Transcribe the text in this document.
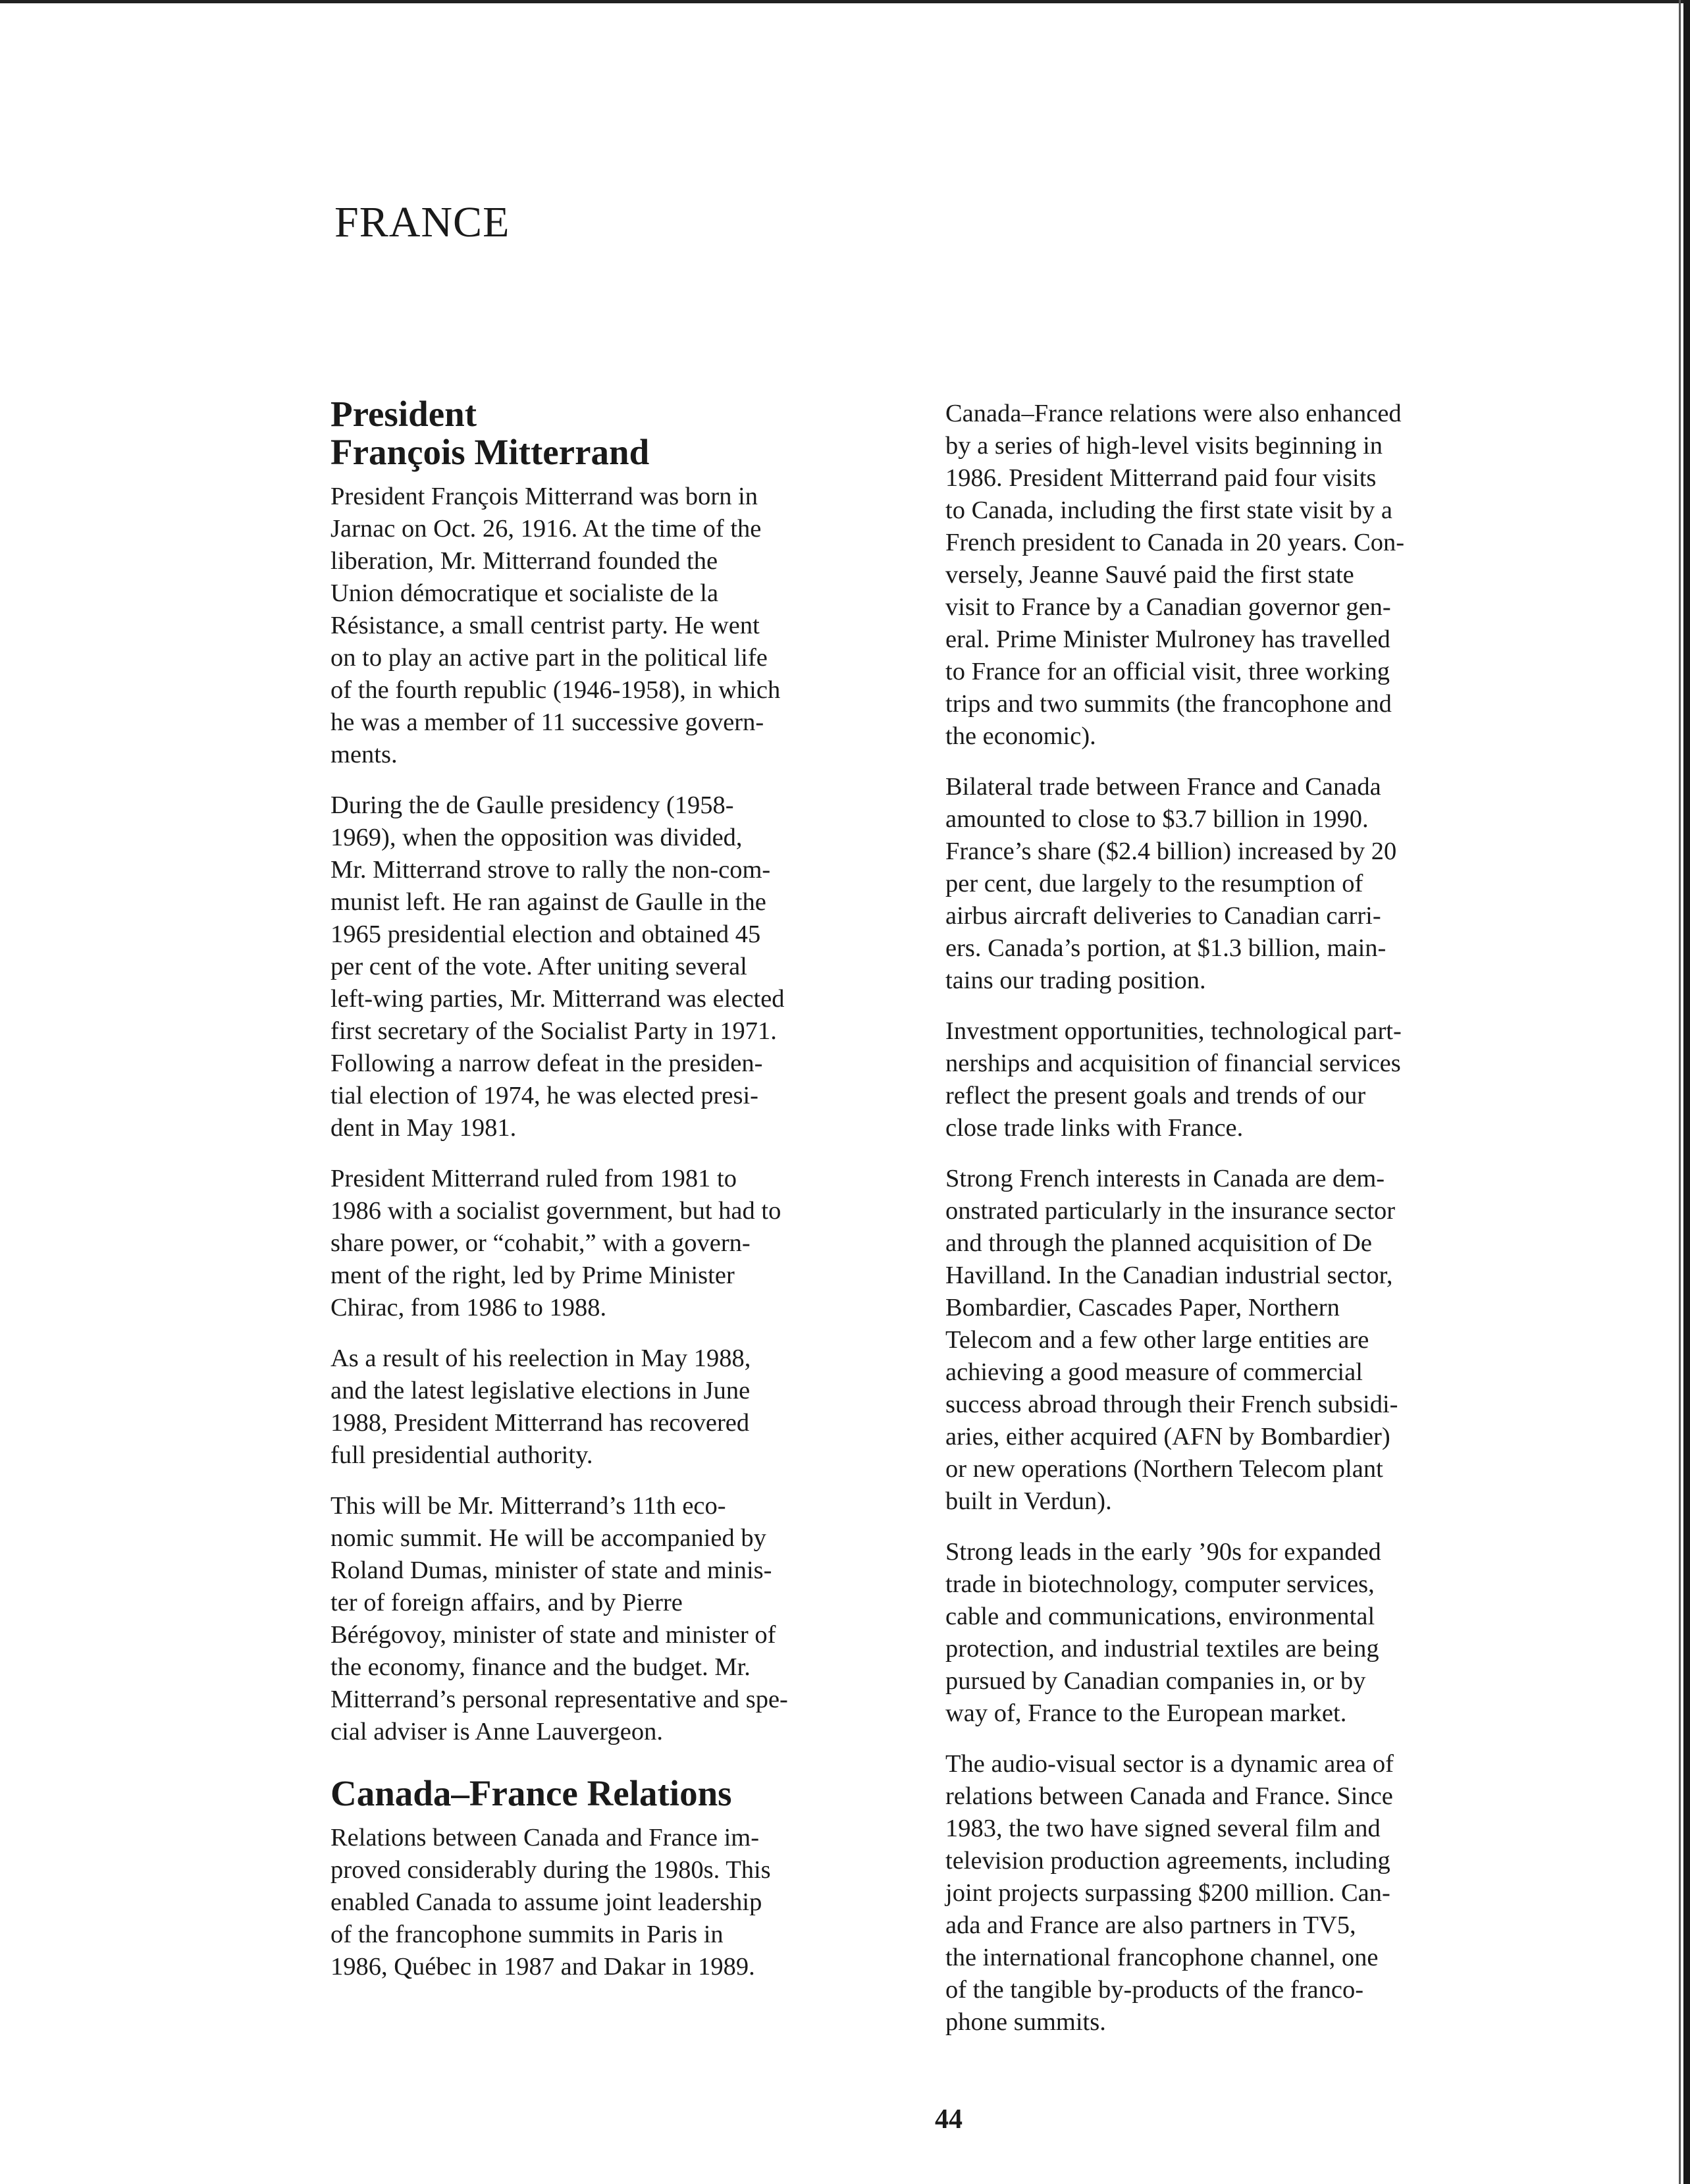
FRANCE
President
François Mitterrand

President François Mitterrand was born in
Jarnac on Oct. 26, 1916. At the time of the
liberation, Mr. Mitterrand founded the
Union démocratique et socialiste de la
Résistance, a small centrist party. He went
on to play an active part in the political life
of the fourth republic (1946-1958), in which
he was a member of 11 successive govern-
ments.

During the de Gaulle presidency (1958-
1969), when the opposition was divided,
Mr. Mitterrand strove to rally the non-com-
munist left. He ran against de Gaulle in the
1965 presidential election and obtained 45
per cent of the vote. After uniting several
left-wing parties, Mr. Mitterrand was elected
first secretary of the Socialist Party in 1971.
Following a narrow defeat in the presiden-
tial election of 1974, he was elected presi-
dent in May 1981.

President Mitterrand ruled from 1981 to
1986 with a socialist government, but had to
share power, or “cohabit,” with a govern-
ment of the right, led by Prime Minister
Chirac, from 1986 to 1988.

As a result of his reelection in May 1988,
and the latest legislative elections in June
1988, President Mitterrand has recovered
full presidential authority.

This will be Mr. Mitterrand’s 11th eco-
nomic summit. He will be accompanied by
Roland Dumas, minister of state and minis-
ter of foreign affairs, and by Pierre
Bérégovoy, minister of state and minister of
the economy, finance and the budget. Mr.
Mitterrand’s personal representative and spe-
cial adviser is Anne Lauvergeon.

Canada–France Relations

Relations between Canada and France im-
proved considerably during the 1980s. This
enabled Canada to assume joint leadership
of the francophone summits in Paris in
1986, Québec in 1987 and Dakar in 1989.

Canada–France relations were also enhanced
by a series of high-level visits beginning in
1986. President Mitterrand paid four visits
to Canada, including the first state visit by a
French president to Canada in 20 years. Con-
versely, Jeanne Sauvé paid the first state
visit to France by a Canadian governor gen-
eral. Prime Minister Mulroney has travelled
to France for an official visit, three working
trips and two summits (the francophone and
the economic).

Bilateral trade between France and Canada
amounted to close to $3.7 billion in 1990.
France’s share ($2.4 billion) increased by 20
per cent, due largely to the resumption of
airbus aircraft deliveries to Canadian carri-
ers. Canada’s portion, at $1.3 billion, main-
tains our trading position.

Investment opportunities, technological part-
nerships and acquisition of financial services
reflect the present goals and trends of our
close trade links with France.

Strong French interests in Canada are dem-
onstrated particularly in the insurance sector
and through the planned acquisition of De
Havilland. In the Canadian industrial sector,
Bombardier, Cascades Paper, Northern
Telecom and a few other large entities are
achieving a good measure of commercial
success abroad through their French subsidi-
aries, either acquired (AFN by Bombardier)
or new operations (Northern Telecom plant
built in Verdun).

Strong leads in the early ’90s for expanded
trade in biotechnology, computer services,
cable and communications, environmental
protection, and industrial textiles are being
pursued by Canadian companies in, or by
way of, France to the European market.

The audio-visual sector is a dynamic area of
relations between Canada and France. Since
1983, the two have signed several film and
television production agreements, including
joint projects surpassing $200 million. Can-
ada and France are also partners in TV5,
the international francophone channel, one
of the tangible by-products of the franco-
phone summits.

44
